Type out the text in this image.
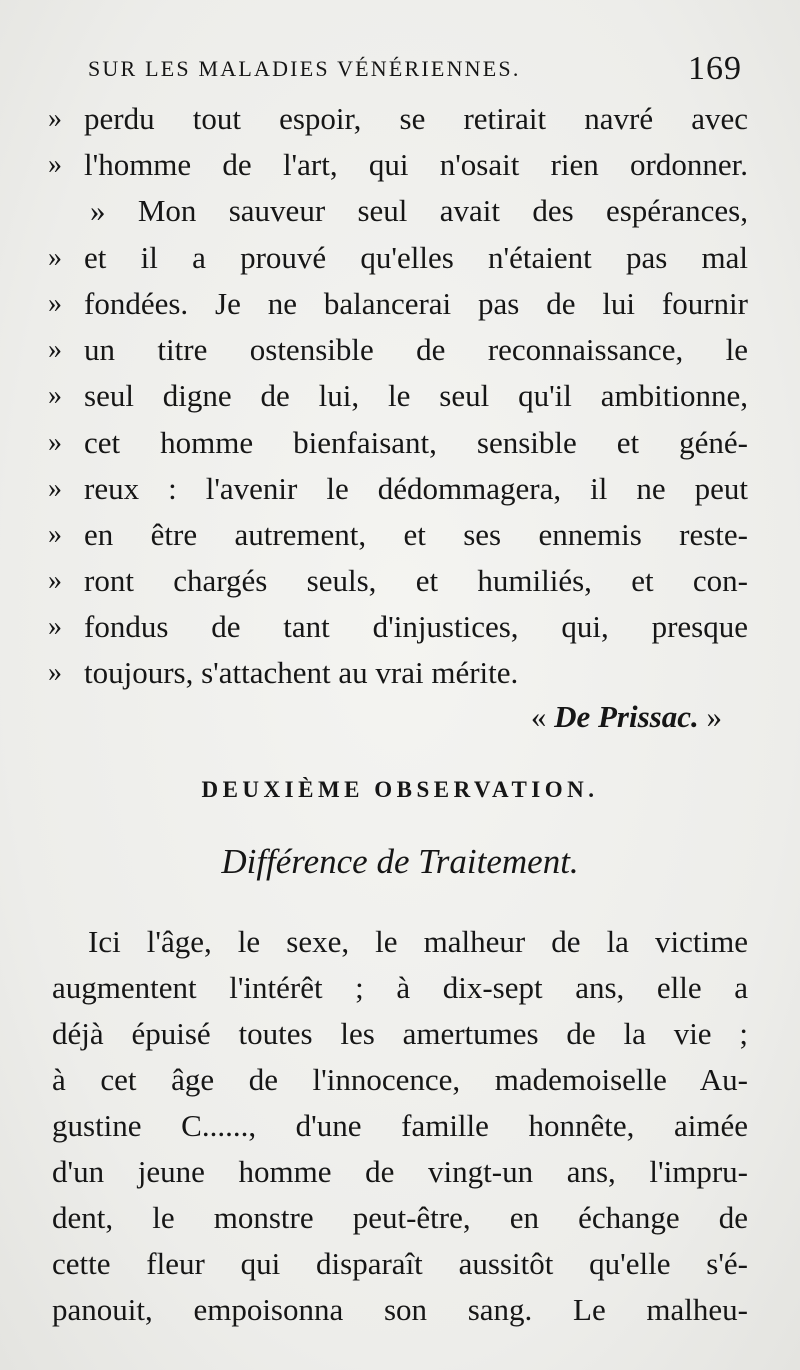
SUR LES MALADIES VÉNÉRIENNES.	169
» perdu tout espoir, se retirait navré avec
» l'homme de l'art, qui n'osait rien ordonner.
» Mon sauveur seul avait des espérances,
» et il a prouvé qu'elles n'étaient pas mal
» fondées. Je ne balancerai pas de lui fournir
» un titre ostensible de reconnaissance, le
» seul digne de lui, le seul qu'il ambitionne,
» cet homme bienfaisant, sensible et géné-
» reux : l'avenir le dédommagera, il ne peut
» en être autrement, et ses ennemis reste-
» ront chargés seuls, et humiliés, et con-
» fondus de tant d'injustices, qui, presque
» toujours, s'attachent au vrai mérite.
« De Prissac. »
DEUXIÈME OBSERVATION.
Différence de Traitement.
Ici l'âge, le sexe, le malheur de la victime
augmentent l'intérêt ; à dix-sept ans, elle a
déjà épuisé toutes les amertumes de la vie ;
à cet âge de l'innocence, mademoiselle Au-
gustine C......, d'une famille honnête, aimée
d'un jeune homme de vingt-un ans, l'impru-
dent, le monstre peut-être, en échange de
cette fleur qui disparaît aussitôt qu'elle s'é-
panouit, empoisonna son sang. Le malheu-
